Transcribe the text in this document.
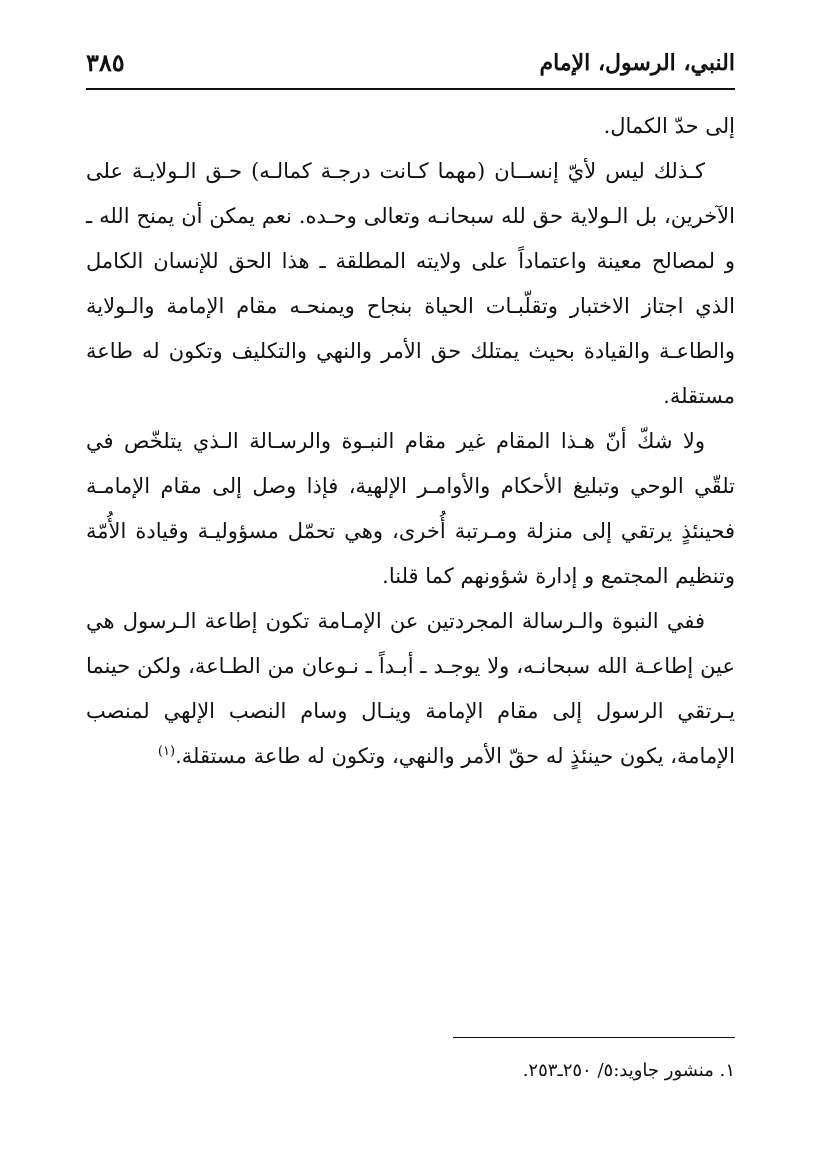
النبي، الرسول، الإمام
٣٨٥

إلى حدّ الكمال.

كـذلك ليس لأيّ إنســان (مهما كـانت درجـة كمالـه) حـق الـولايـة على الآخرين، بل الـولاية حق لله سبحانـه وتعالى وحـده. نعم يمكن أن يمنح الله ـ و لمصالح معينة واعتماداً على ولايته المطلقة ـ هذا الحق للإنسان الكامل الذي اجتاز الاختبار وتقلّبـات الحياة بنجاح ويمنحـه مقام الإمامة والـولاية والطاعـة والقيادة بحيث يمتلك حق الأمر والنهي والتكليف وتكون له طاعة مستقلة.

ولا شكّ أنّ هـذا المقام غير مقام النبـوة والرسـالة الـذي يتلخّص في تلقّي الوحي وتبليغ الأحكام والأوامـر الإلهية، فإذا وصل إلى مقام الإمامـة فحينئذٍ يرتقي إلى منزلة ومـرتبة أُخرى، وهي تحمّل مسؤوليـة وقيادة الأُمّة وتنظيم المجتمع و إدارة شؤونهم كما قلنا.

ففي النبوة والـرسالة المجردتين عن الإمـامة تكون إطاعة الـرسول هي عين إطاعـة الله سبحانـه، ولا يوجـد ـ أبـداً ـ نـوعان من الطـاعة، ولكن حينما يـرتقي الرسول إلى مقام الإمامة وينـال وسام النصب الإلهي لمنصب الإمامة، يكون حينئذٍ له حقّ الأمر والنهي، وتكون له طاعة مستقلة.$^{(١)}$

١. منشور جاويد:٥/ ٢٥٠ـ٢٥٣.
